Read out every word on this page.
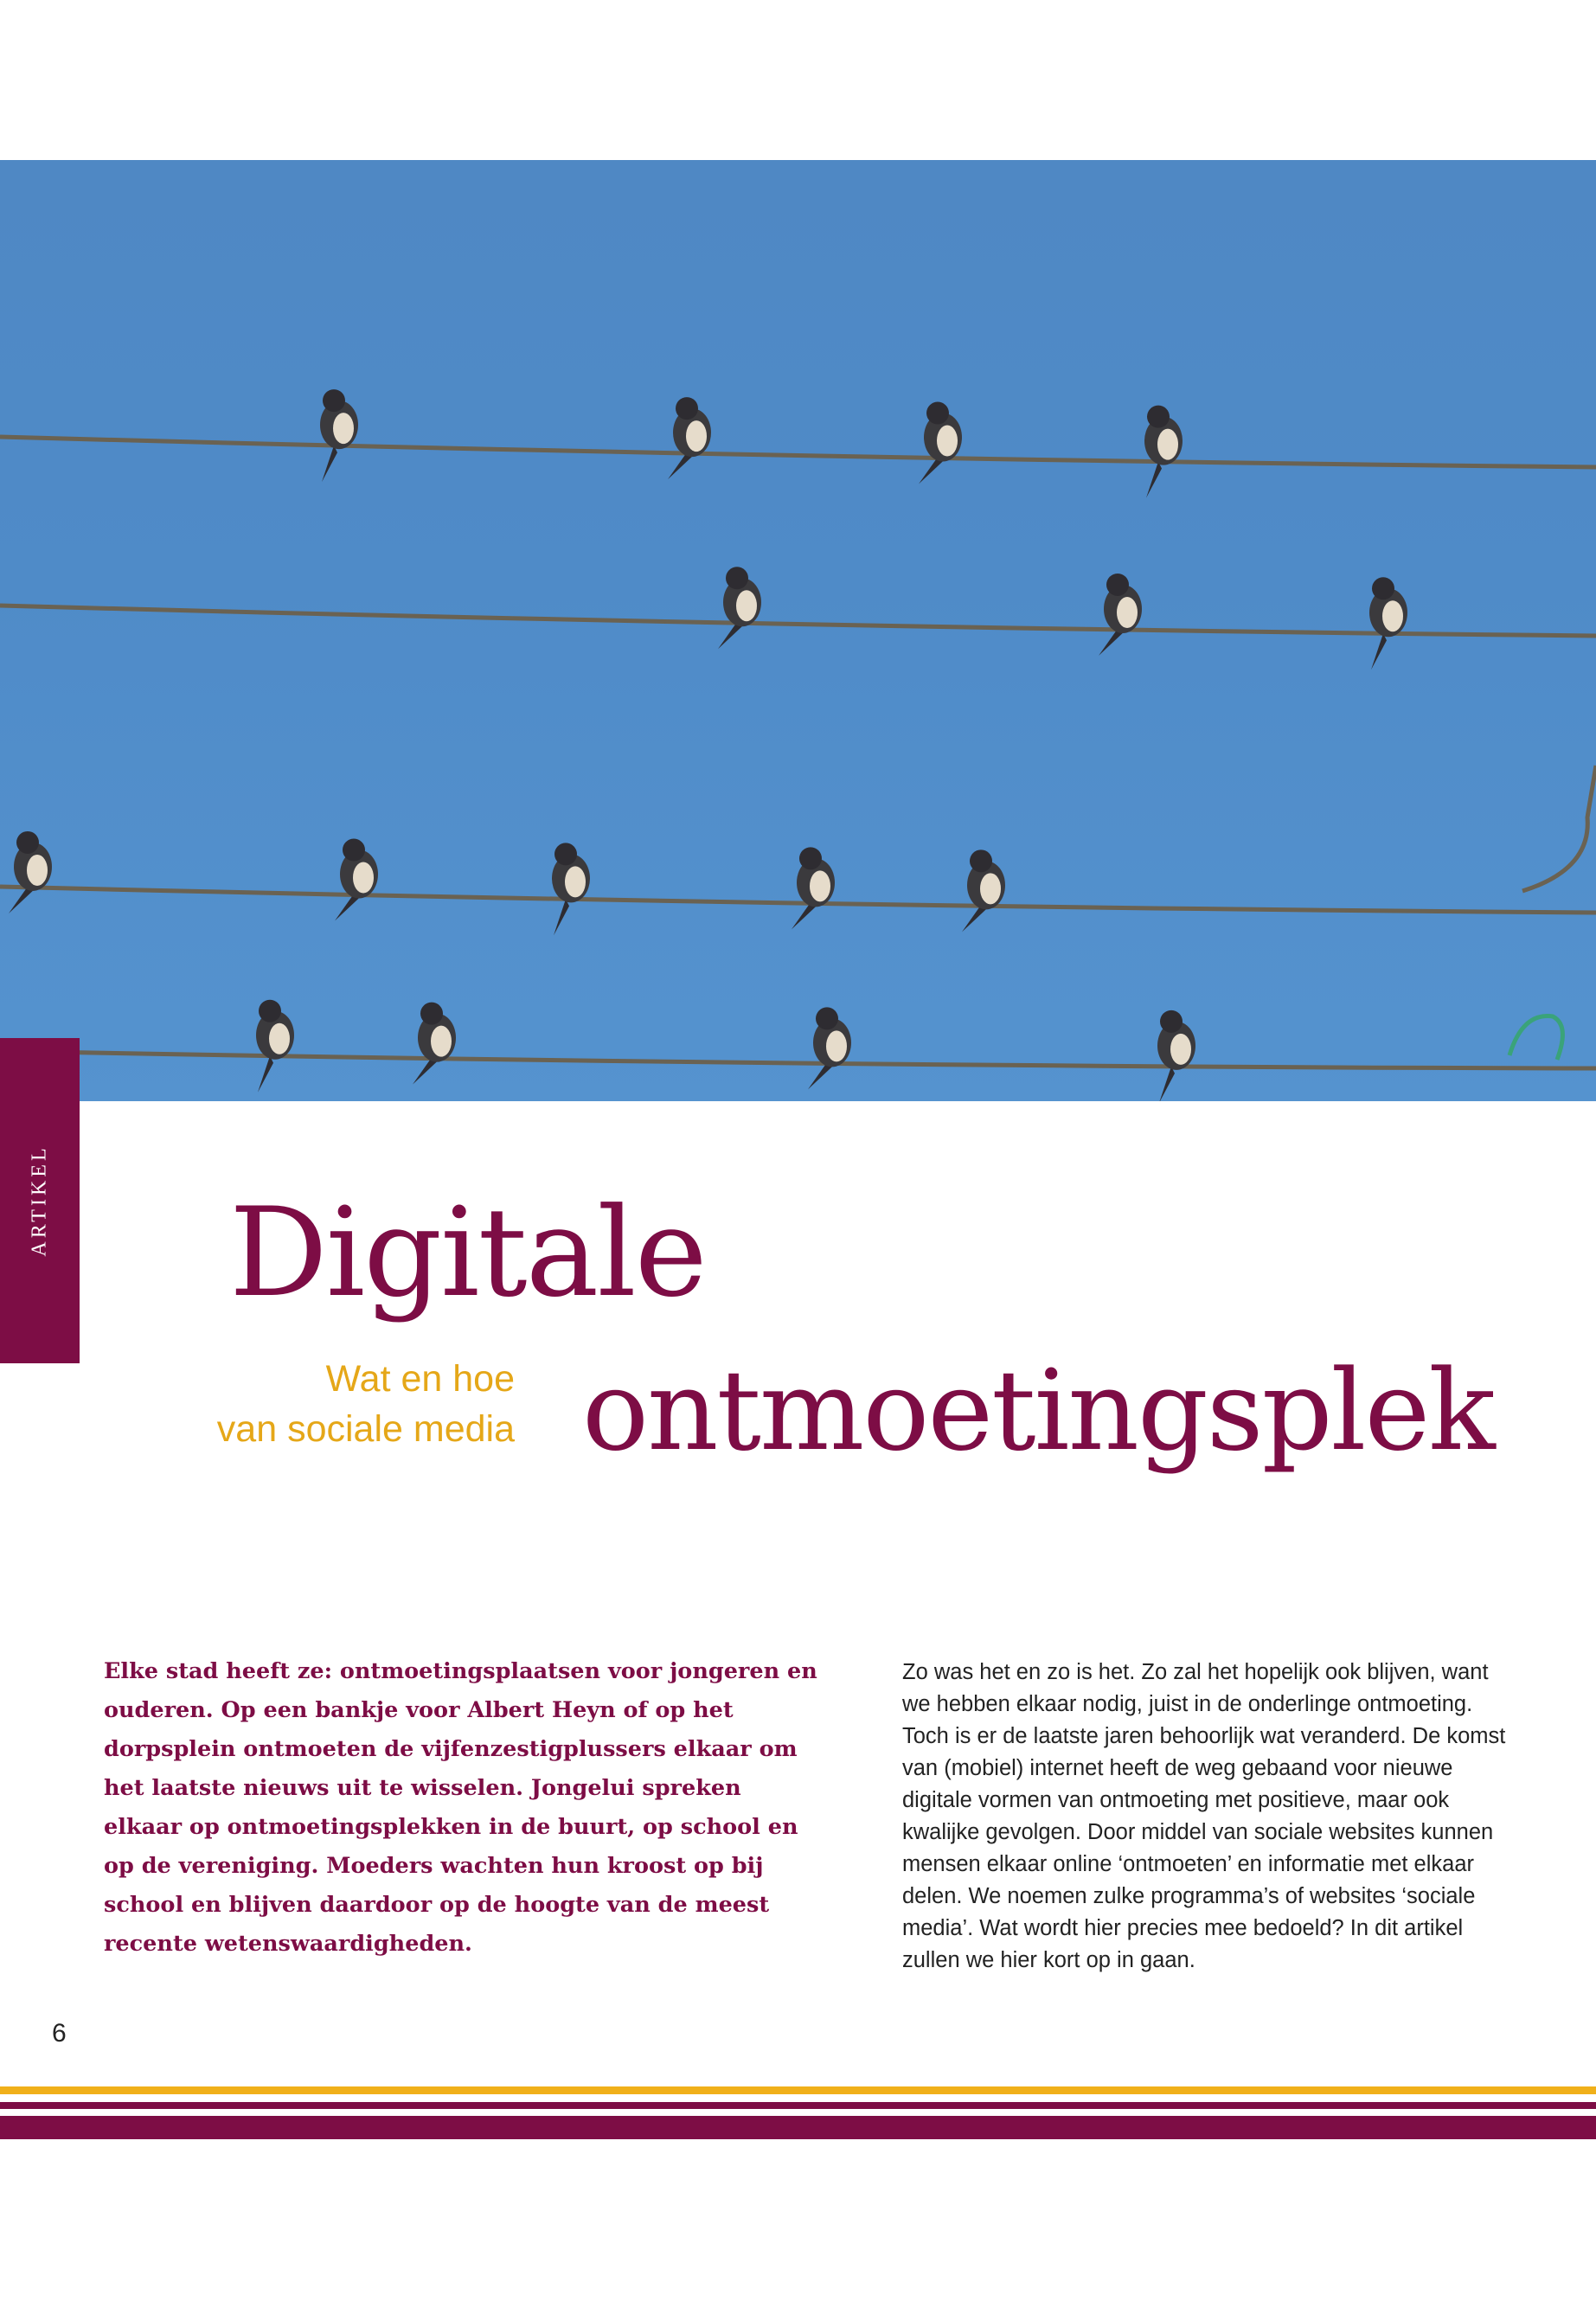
ARTIKEL Digitale
ontmoetingsplek
Wat en hoe
van sociale media
Elke stad heeft ze: ontmoetingsplaatsen voor jongeren en ouderen. Op een bankje voor Albert Heyn of op het dorpsplein ontmoeten de vijfenzestigplussers elkaar om het laatste nieuws uit te wisselen. Jongelui spreken elkaar op ontmoetingsplekken in de buurt, op school en op de vereniging. Moeders wachten hun kroost op bij school en blijven daardoor op de hoogte van de meest recente wetenswaardigheden.
Zo was het en zo is het. Zo zal het hopelijk ook blijven, want we hebben elkaar nodig, juist in de onderlinge ontmoeting. Toch is er de laatste jaren behoorlijk wat veranderd. De komst van (mobiel) internet heeft de weg gebaand voor nieuwe digitale vormen van ontmoeting met positieve, maar ook kwalijke gevolgen. Door middel van sociale websites kunnen mensen elkaar online ‘ontmoeten’ en informatie met elkaar delen. We noemen zulke programma’s of websites ‘sociale media’. Wat wordt hier precies mee bedoeld? In dit artikel zullen we hier kort op in gaan.
6
